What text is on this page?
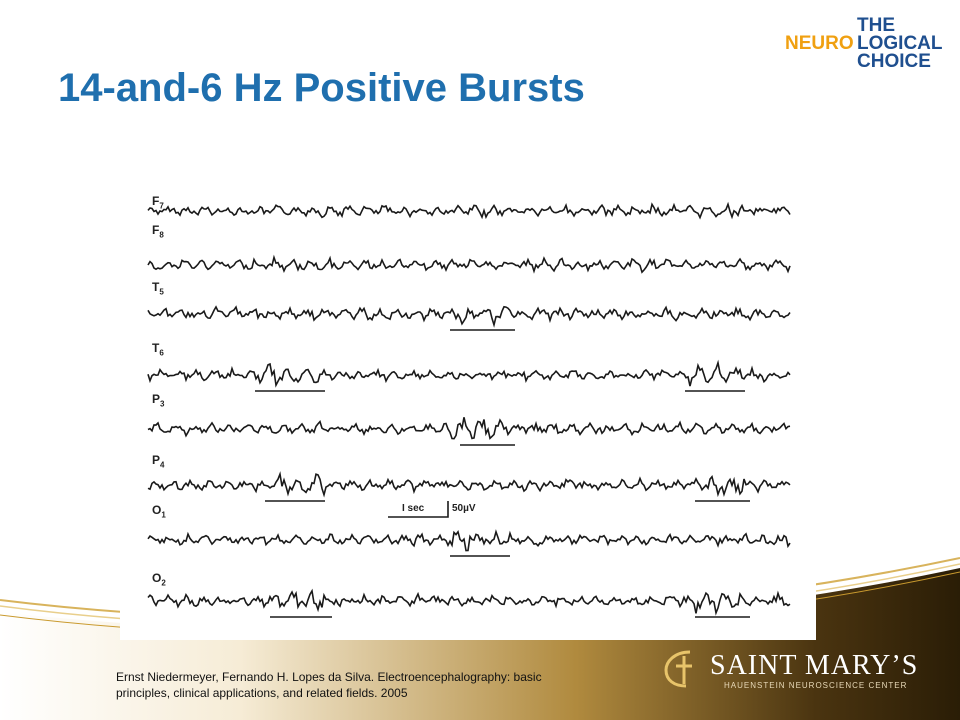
14-and-6 Hz Positive Bursts
THE
NEURO LOGICAL
CHOICE
$F_7$
$F_8$
$T_5$
$T_6$
$P_3$
$P_4$
$O_1$
$O_2$
I sec	50µV
Ernst Niedermeyer, Fernando H. Lopes da Silva. Electroencephalography: basic principles, clinical applications, and related fields. 2005
SAINT MARY’S
HAUENSTEIN NEUROSCIENCE CENTER
